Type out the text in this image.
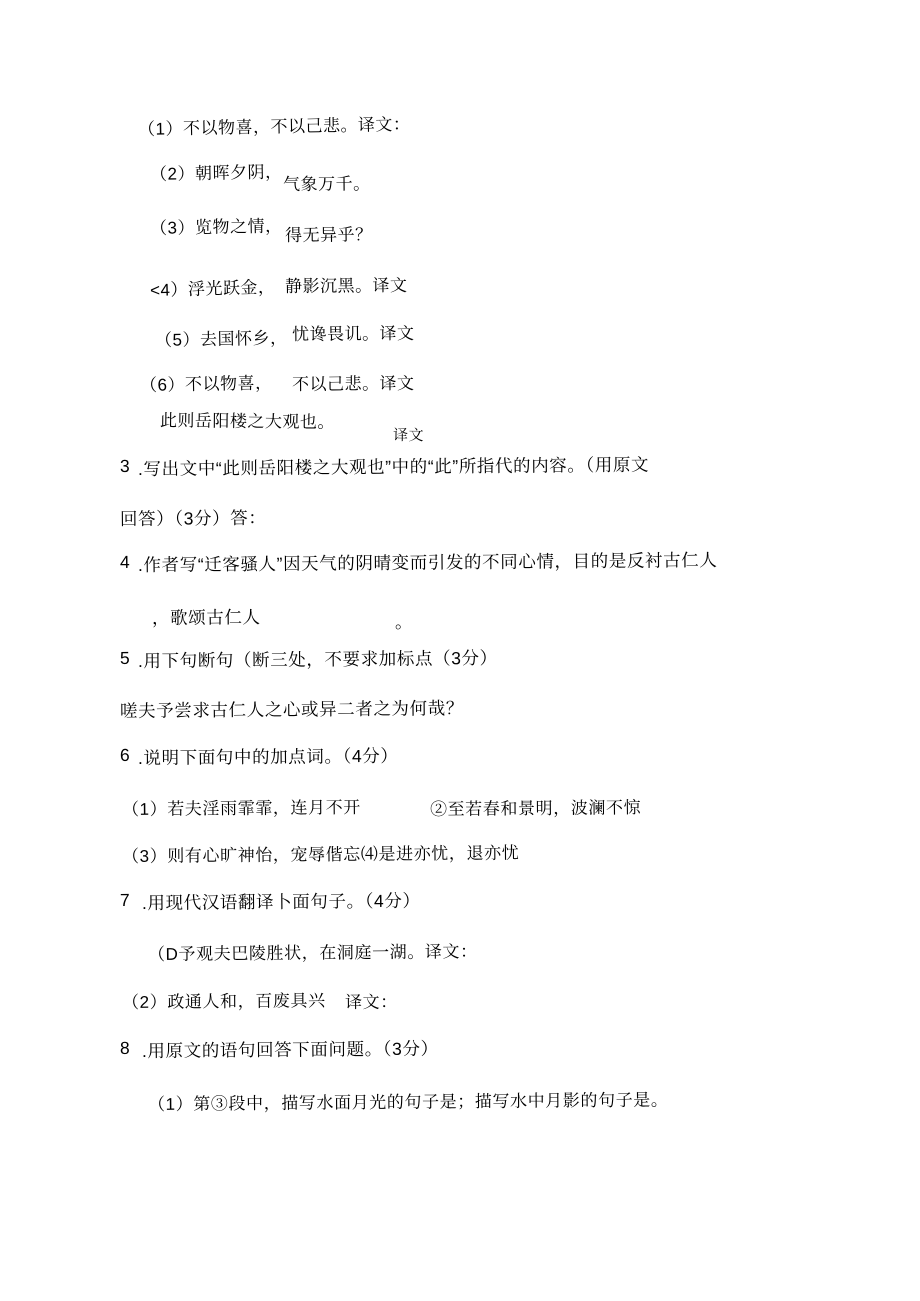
（1）不以物喜，不以己悲。译文：
（2）朝晖夕阴，
气象万千。
（3）览物之情， 得无异乎？
<4）浮光跃金， 静影沉黑。译文
（5）去国怀乡， 忧谗畏讥。译文
（6）不以物喜， 不以己悲。译文
此则岳阳楼之大观也。
译文
3 .写出文中“此则岳阳楼之大观也”中的“此”所指代的内容。（用原文
回答）（3分）答：
4 .作者写“迁客骚人”因天气的阴晴变而引发的不同心情，目的是反衬古仁人
，歌颂古仁人	。
5 .用下句断句（断三处，不要求加标点（3分）
嗟夫予尝求古仁人之心或异二者之为何哉？
6 .说明下面句中的加点词。（4分）
（1）若夫淫雨霏霏，连月不开	②至若春和景明，波澜不惊
（3）则有心旷神怡，宠辱偕忘⑷是进亦忧，退亦忧
7 .用现代汉语翻译卜面句子。（4分）
（D予观夫巴陵胜状，在洞庭一湖。译文：
（2）政通人和，百废具兴 译文：
8 .用原文的语句回答下面问题。（3分）
（1）第③段中，描写水面月光的句子是；描写水中月影的句子是。
